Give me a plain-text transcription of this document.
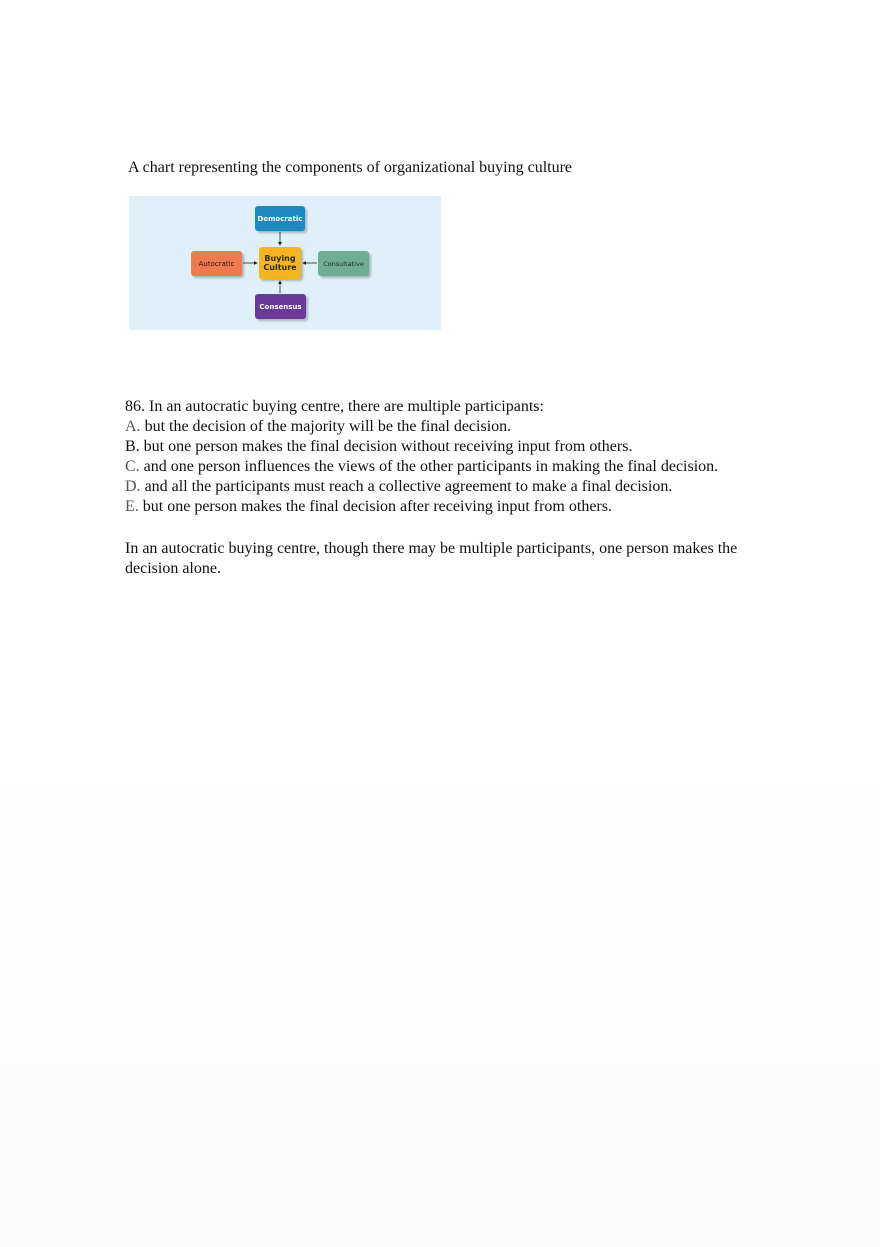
A chart representing the components of organizational buying culture
Democratic
Autocratic
Buying
Culture	Consultative
Consensus
86. In an autocratic buying centre, there are multiple participants:
A. but the decision of the majority will be the final decision.
B. but one person makes the final decision without receiving input from others.
C. and one person influences the views of the other participants in making the final decision.
D. and all the participants must reach a collective agreement to make a final decision.
E. but one person makes the final decision after receiving input from others.
In an autocratic buying centre, though there may be multiple participants, one person makes the decision alone.
